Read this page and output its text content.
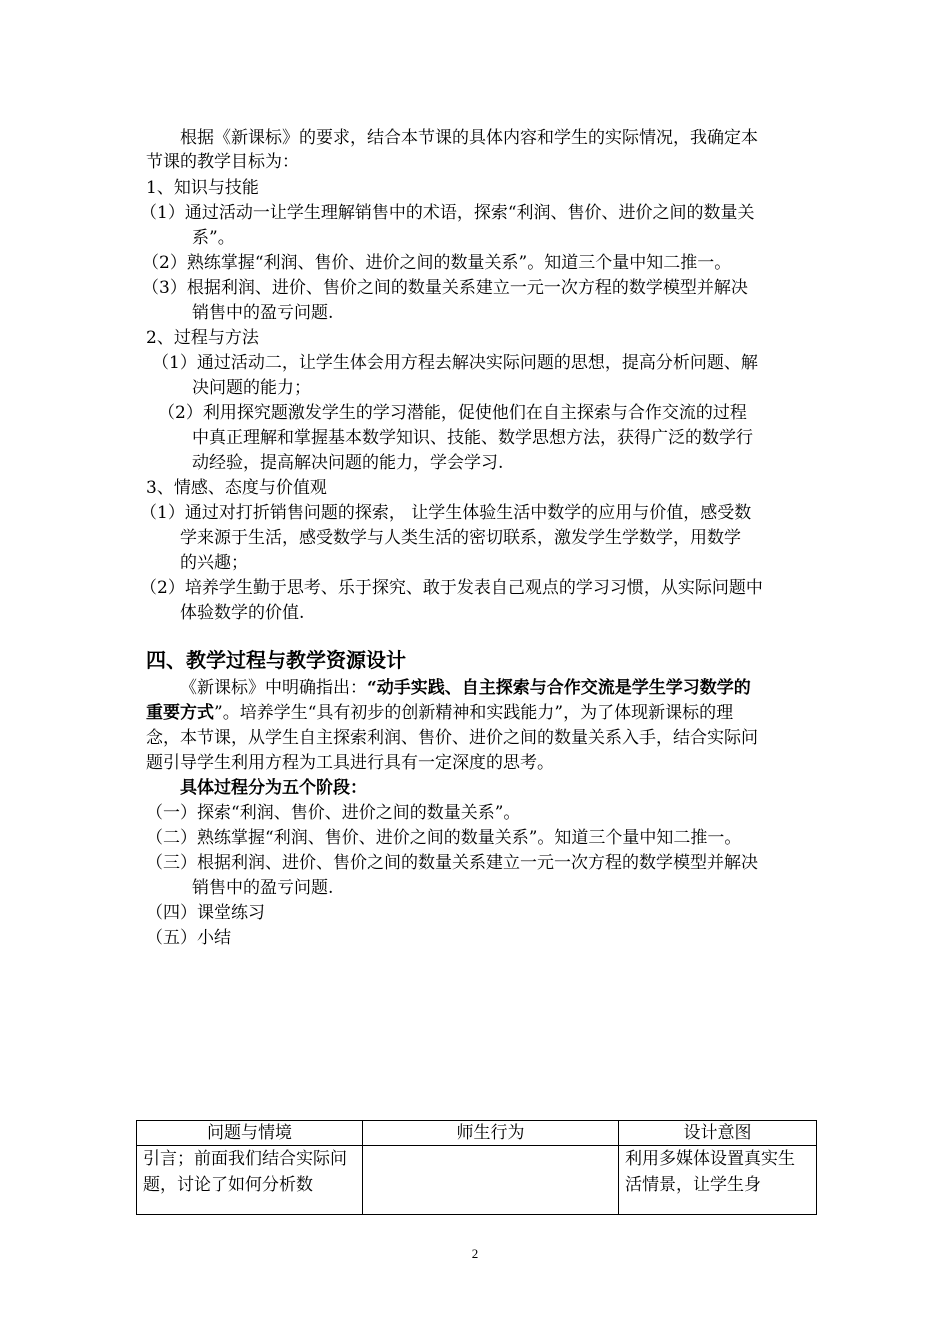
根据《新课标》的要求，结合本节课的具体内容和学生的实际情况，我确定本
节课的教学目标为：
1、知识与技能
（1）通过活动一让学生理解销售中的术语，探索“利润、售价、进价之间的数量关
系”。
（2）熟练掌握“利润、售价、进价之间的数量关系”。知道三个量中知二推一。
（3）根据利润、进价、售价之间的数量关系建立一元一次方程的数学模型并解决
销售中的盈亏问题.
2、过程与方法
（1）通过活动二，让学生体会用方程去解决实际问题的思想，提高分析问题、解
决问题的能力；
（2）利用探究题激发学生的学习潜能，促使他们在自主探索与合作交流的过程
中真正理解和掌握基本数学知识、技能、数学思想方法，获得广泛的数学行
动经验，提高解决问题的能力，学会学习.
3、情感、态度与价值观
（1）通过对打折销售问题的探索， 让学生体验生活中数学的应用与价值，感受数
学来源于生活，感受数学与人类生活的密切联系，激发学生学数学，用数学
的兴趣；
（2）培养学生勤于思考、乐于探究、敢于发表自己观点的学习习惯，从实际问题中
体验数学的价值.
四、教学过程与教学资源设计
《新课标》中明确指出：“动手实践、自主探索与合作交流是学生学习数学的
重要方式”。培养学生“具有初步的创新精神和实践能力”，为了体现新课标的理
念，本节课，从学生自主探索利润、售价、进价之间的数量关系入手，结合实际问
题引导学生利用方程为工具进行具有一定深度的思考。
具体过程分为五个阶段：
（一）探索“利润、售价、进价之间的数量关系”。
（二）熟练掌握“利润、售价、进价之间的数量关系”。知道三个量中知二推一。
（三）根据利润、进价、售价之间的数量关系建立一元一次方程的数学模型并解决
销售中的盈亏问题.
（四）课堂练习
（五）小结
问题与情境	师生行为	设计意图
引言；前面我们结合实际问题，讨论了如何分析数		利用多媒体设置真实生活情景，让学生身
2
